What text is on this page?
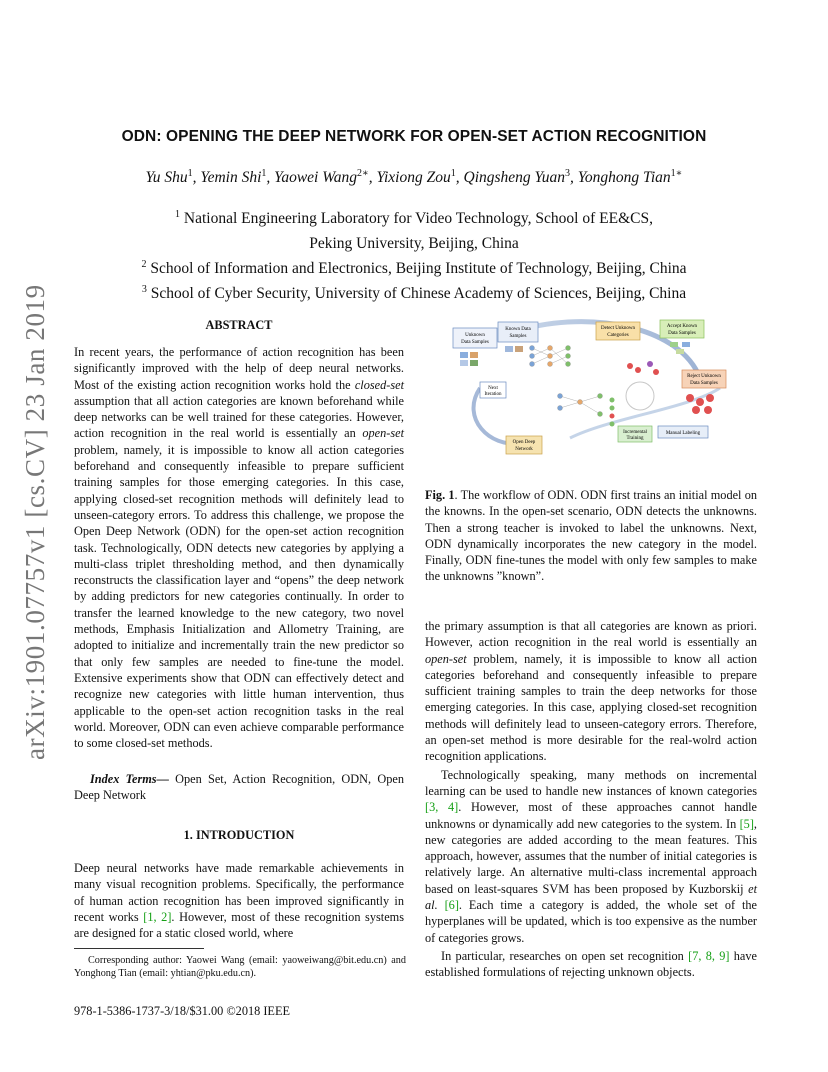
arXiv:1901.07757v1 [cs.CV] 23 Jan 2019
ODN: OPENING THE DEEP NETWORK FOR OPEN-SET ACTION RECOGNITION
Yu Shu$^1$, Yemin Shi$^1$, Yaowei Wang$^{2∗}$, Yixiong Zou$^1$, Qingsheng Yuan$^3$, Yonghong Tian$^{1∗}$
$^1$ National Engineering Laboratory for Video Technology, School of EE&CS,
Peking University, Beijing, China
$^2$ School of Information and Electronics, Beijing Institute of Technology, Beijing, China
$^3$ School of Cyber Security, University of Chinese Academy of Sciences, Beijing, China
ABSTRACT

In recent years, the performance of action recognition has been significantly improved with the help of deep neural networks. Most of the existing action recognition works hold the closed-set assumption that all action categories are known beforehand while deep networks can be well trained for these categories. However, action recognition in the real world is essentially an open-set problem, namely, it is impossible to know all action categories beforehand and consequently infeasible to prepare sufficient training samples for those emerging categories. In this case, applying closed-set recognition methods will definitely lead to unseen-category errors. To address this challenge, we propose the Open Deep Network (ODN) for the open-set action recognition task. Technologically, ODN detects new categories by applying a multi-class triplet thresholding method, and then dynamically reconstructs the classification layer and “opens” the deep network by adding predictors for new categories continually. In order to transfer the learned knowledge to the new category, two novel methods, Emphasis Initialization and Allometry Training, are adopted to initialize and incrementally train the new predictor so that only few samples are needed to fine-tune the model. Extensive experiments show that ODN can effectively detect and recognize new categories with little human intervention, thus applicable to the open-set action recognition tasks in the real world. Moreover, ODN can even achieve comparable performance to some closed-set methods.

Index Terms— Open Set, Action Recognition, ODN, Open Deep Network

1. INTRODUCTION

Deep neural networks have made remarkable achievements in many visual recognition problems. Specifically, the performance of human action recognition has been improved significantly in recent works [1, 2]. However, most of these recognition systems are designed for a static closed world, where

Corresponding author: Yaowei Wang (email: yaoweiwang@bit.edu.cn) and Yonghong Tian (email: yhtian@pku.edu.cn).

978-1-5386-1737-3/18/$31.00 ©2018 IEEE
Unknown
Data Samples
Known Data
Samples
Detect Unknown
Categories
Accept Known
Data Samples
Reject Unknown
Data Samples
Next
Iteration
Incremental
Training
Manual Labeling
Open Deep
Network
Fig. 1. The workflow of ODN. ODN first trains an initial model on the knowns. In the open-set scenario, ODN detects the unknowns. Then a strong teacher is invoked to label the unknowns. Next, ODN dynamically incorporates the new category in the model. Finally, ODN fine-tunes the model with only few samples to make the unknowns ”known”.

the primary assumption is that all categories are known as priori. However, action recognition in the real world is essentially an open-set problem, namely, it is impossible to know all action categories beforehand and consequently infeasible to prepare sufficient training samples to train the deep networks for those emerging categories. In this case, applying closed-set recognition methods will definitely lead to unseen-category errors. Therefore, an open-set method is more desirable for the real-wolrd action recognition applications.

Technologically speaking, many methods on incremental learning can be used to handle new instances of known categories [3, 4]. However, most of these approaches cannot handle unknowns or dynamically add new categories to the system. In [5], new categories are added according to the mean features. This approach, however, assumes that the number of initial categories is relatively large. An alternative multi-class incremental approach based on least-squares SVM has been proposed by Kuzborskij et al. [6]. Each time a category is added, the whole set of the hyperplanes will be updated, which is too expensive as the number of categories grows.

In particular, researches on open set recognition [7, 8, 9] have established formulations of rejecting unknown objects.
